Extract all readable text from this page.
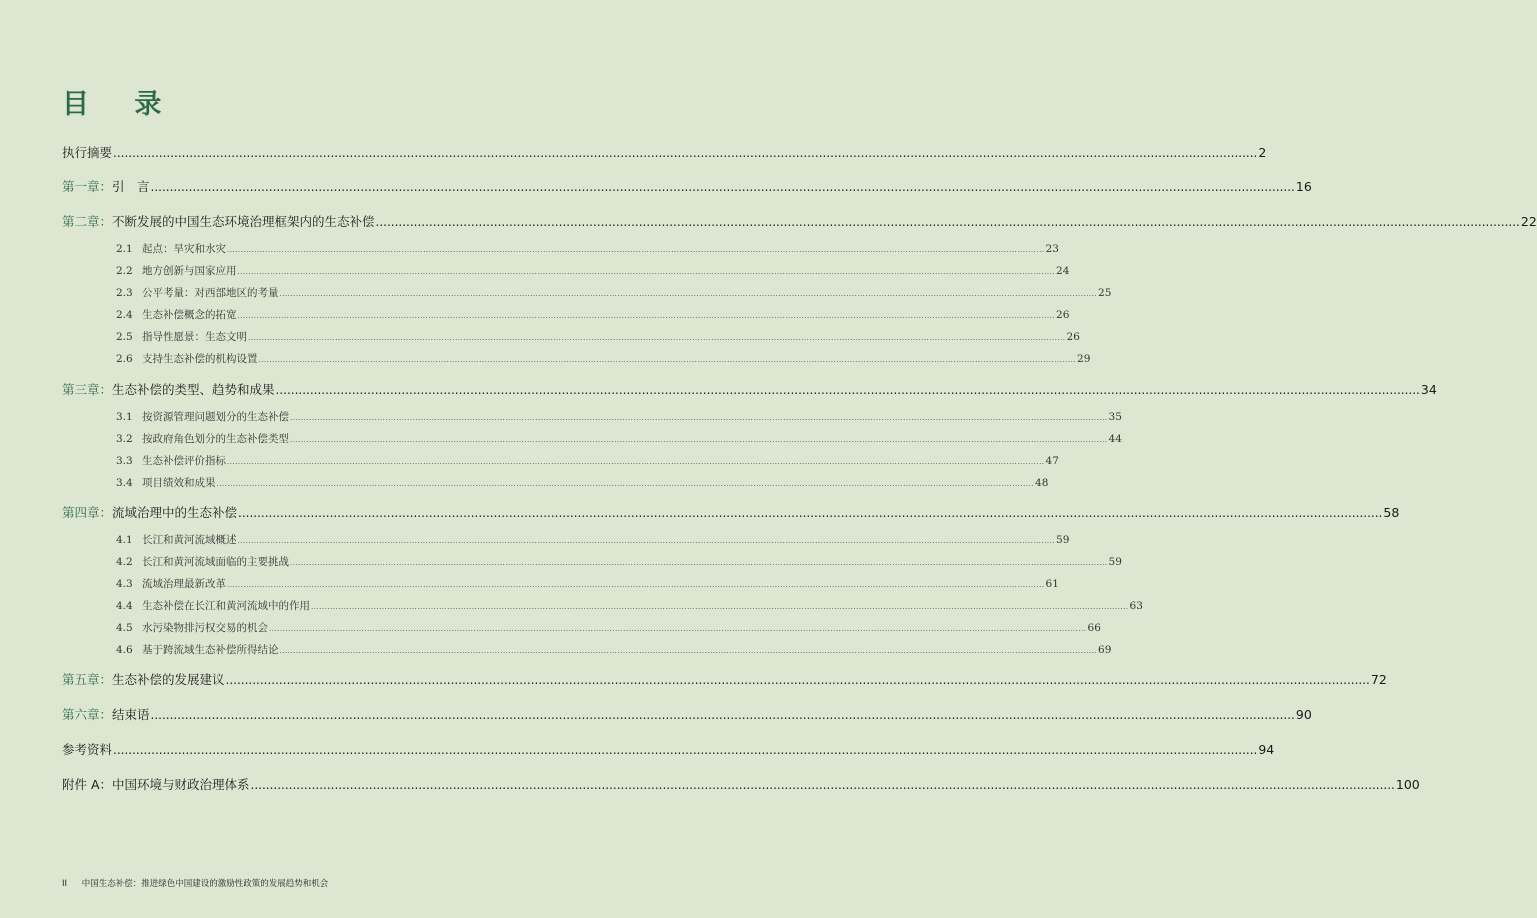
目 录
执行摘要 ............................................................................................................................................................................................................................................................................................................ 2
第一章：引　言 ............................................................................................................................................................................................................................................................................................................ 16
第二章：不断发展的中国生态环境治理框架内的生态补偿 ............................................................................................................................................................................................................................................................................................................ 22
2.1 起点：旱灾和水灾 ............................................................................................................................................................................................................................................................................................................ 23
2.2 地方创新与国家应用 ............................................................................................................................................................................................................................................................................................................ 24
2.3 公平考量：对西部地区的考量 ............................................................................................................................................................................................................................................................................................................ 25
2.4 生态补偿概念的拓宽 ............................................................................................................................................................................................................................................................................................................ 26
2.5 指导性愿景：生态文明 ............................................................................................................................................................................................................................................................................................................ 26
2.6 支持生态补偿的机构设置 ............................................................................................................................................................................................................................................................................................................ 29
第三章：生态补偿的类型、趋势和成果 ............................................................................................................................................................................................................................................................................................................ 34
3.1 按资源管理问题划分的生态补偿 ............................................................................................................................................................................................................................................................................................................ 35
3.2 按政府角色划分的生态补偿类型 ............................................................................................................................................................................................................................................................................................................ 44
3.3 生态补偿评价指标 ............................................................................................................................................................................................................................................................................................................ 47
3.4 项目绩效和成果 ............................................................................................................................................................................................................................................................................................................ 48
第四章：流域治理中的生态补偿 ............................................................................................................................................................................................................................................................................................................ 58
4.1 长江和黄河流域概述 ............................................................................................................................................................................................................................................................................................................ 59
4.2 长江和黄河流域面临的主要挑战 ............................................................................................................................................................................................................................................................................................................ 59
4.3 流域治理最新改革 ............................................................................................................................................................................................................................................................................................................ 61
4.4 生态补偿在长江和黄河流域中的作用 ............................................................................................................................................................................................................................................................................................................ 63
4.5 水污染物排污权交易的机会 ............................................................................................................................................................................................................................................................................................................ 66
4.6 基于跨流域生态补偿所得结论 ............................................................................................................................................................................................................................................................................................................ 69
第五章：生态补偿的发展建议 ............................................................................................................................................................................................................................................................................................................ 72
第六章：结束语 ............................................................................................................................................................................................................................................................................................................ 90
参考资料 ............................................................................................................................................................................................................................................................................................................ 94
附件 A：中国环境与财政治理体系 ............................................................................................................................................................................................................................................................................................................ 100
II 中国生态补偿：推进绿色中国建设的激励性政策的发展趋势和机会
